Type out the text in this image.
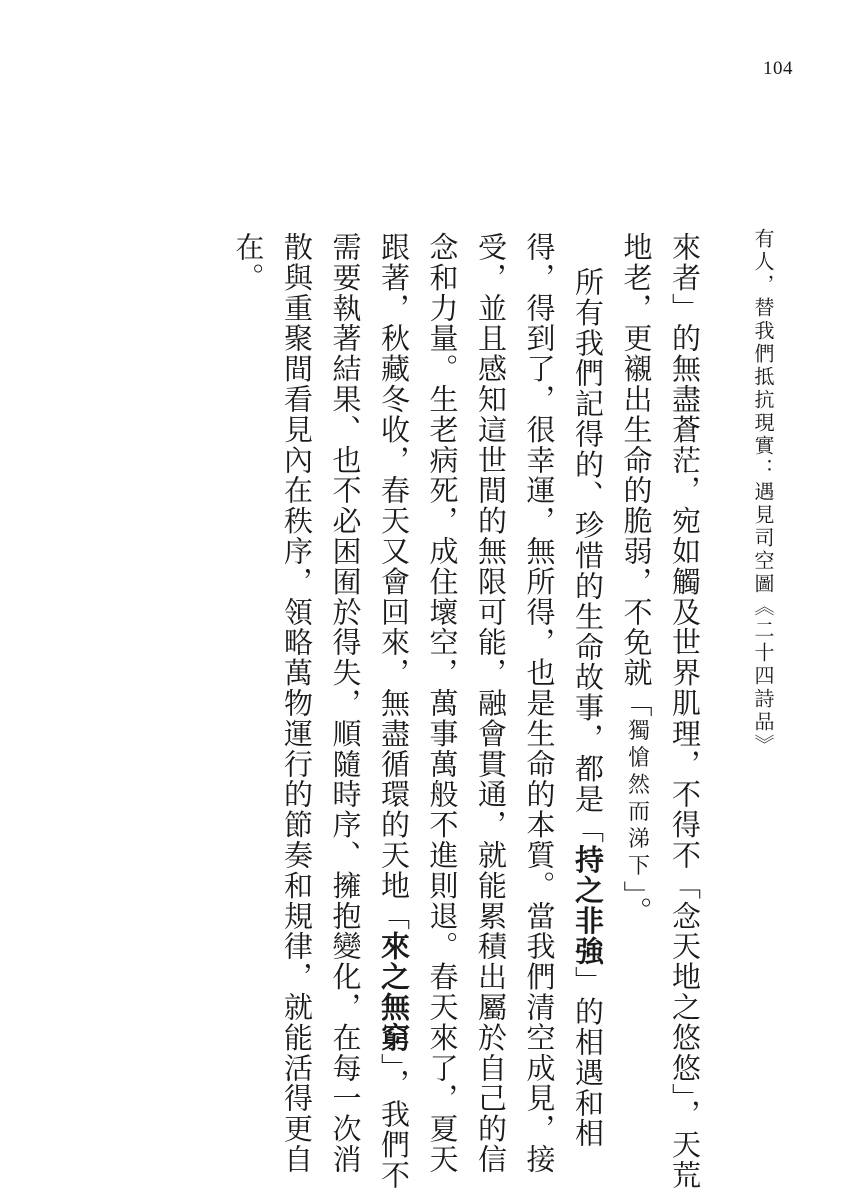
104
有人，替我們抵抗現實：遇見司空圖《二十四詩品》

來者」的無盡蒼茫，宛如觸及世界肌理，不得不「念天地之悠悠」，天荒地老，更襯出生命的脆弱，不免就「獨愴然而涕下」。

所有我們記得的、珍惜的生命故事，都是「持之非強」的相遇和相得，得到了，很幸運，無所得，也是生命的本質。當我們清空成見，接受，並且感知這世間的無限可能，融會貫通，就能累積出屬於自己的信念和力量。生老病死，成住壞空，萬事萬般不進則退。春天來了，夏天跟著，秋藏冬收，春天又會回來，無盡循環的天地「來之無窮」，我們不需要執著結果、也不必困囿於得失，順隨時序、擁抱變化，在每一次消散與重聚間看見內在秩序，領略萬物運行的節奏和規律，就能活得更自在。
